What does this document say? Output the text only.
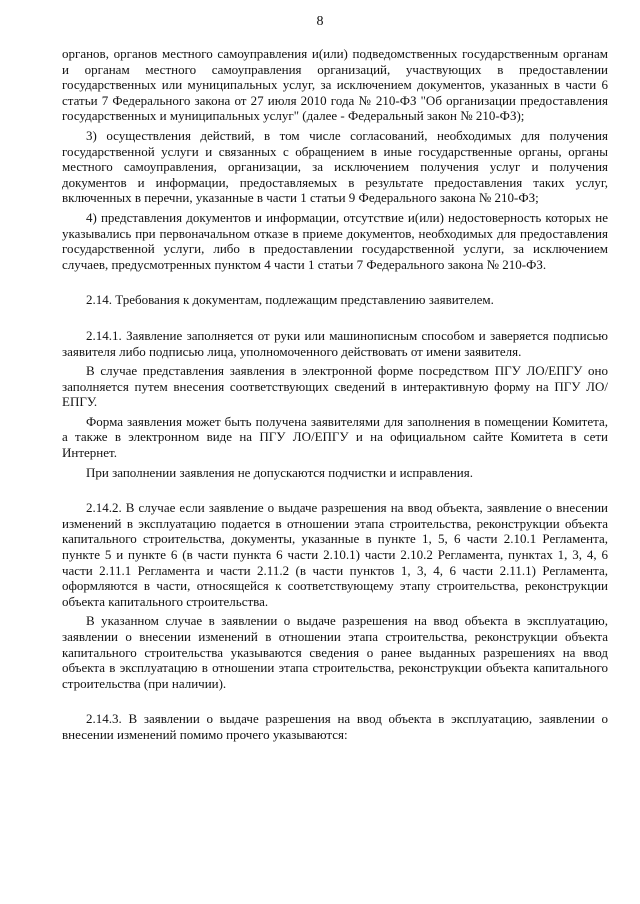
8

органов, органов местного самоуправления и(или) подведомственных государственным органам и органам местного самоуправления организаций, участвующих в предоставлении государственных или муниципальных услуг, за исключением документов, указанных в части 6 статьи 7 Федерального закона от 27 июля 2010 года № 210-ФЗ "Об организации предоставления государственных и муниципальных услуг" (далее - Федеральный закон № 210-ФЗ);

3) осуществления действий, в том числе согласований, необходимых для получения государственной услуги и связанных с обращением в иные государственные органы, органы местного самоуправления, организации, за исключением получения услуг и получения документов и информации, предоставляемых в результате предоставления таких услуг, включенных в перечни, указанные в части 1 статьи 9 Федерального закона № 210-ФЗ;

4) представления документов и информации, отсутствие и(или) недостоверность которых не указывались при первоначальном отказе в приеме документов, необходимых для предоставления государственной услуги, либо в предоставлении государственной услуги, за исключением случаев, предусмотренных пунктом 4 части 1 статьи 7 Федерального закона № 210-ФЗ.

2.14. Требования к документам, подлежащим представлению заявителем.

2.14.1. Заявление заполняется от руки или машинописным способом и заверяется подписью заявителя либо подписью лица, уполномоченного действовать от имени заявителя.

В случае представления заявления в электронной форме посредством ПГУ ЛО/ЕПГУ оно заполняется путем внесения соответствующих сведений в интерактивную форму на ПГУ ЛО/ЕПГУ.

Форма заявления может быть получена заявителями для заполнения в помещении Комитета, а также в электронном виде на ПГУ ЛО/ЕПГУ и на официальном сайте Комитета в сети Интернет.

При заполнении заявления не допускаются подчистки и исправления.

2.14.2. В случае если заявление о выдаче разрешения на ввод объекта, заявление о внесении изменений в эксплуатацию подается в отношении этапа строительства, реконструкции объекта капитального строительства, документы, указанные в пункте 1, 5, 6 части 2.10.1 Регламента, пункте 5 и пункте 6 (в части пункта 6 части 2.10.1) части 2.10.2 Регламента, пунктах 1, 3, 4, 6 части 2.11.1 Регламента и части 2.11.2 (в части пунктов 1, 3, 4, 6 части 2.11.1) Регламента, оформляются в части, относящейся к соответствующему этапу строительства, реконструкции объекта капитального строительства.

В указанном случае в заявлении о выдаче разрешения на ввод объекта в эксплуатацию, заявлении о внесении изменений в отношении этапа строительства, реконструкции объекта капитального строительства указываются сведения о ранее выданных разрешениях на ввод объекта в эксплуатацию в отношении этапа строительства, реконструкции объекта капитального строительства (при наличии).

2.14.3. В заявлении о выдаче разрешения на ввод объекта в эксплуатацию, заявлении о внесении изменений помимо прочего указываются:
